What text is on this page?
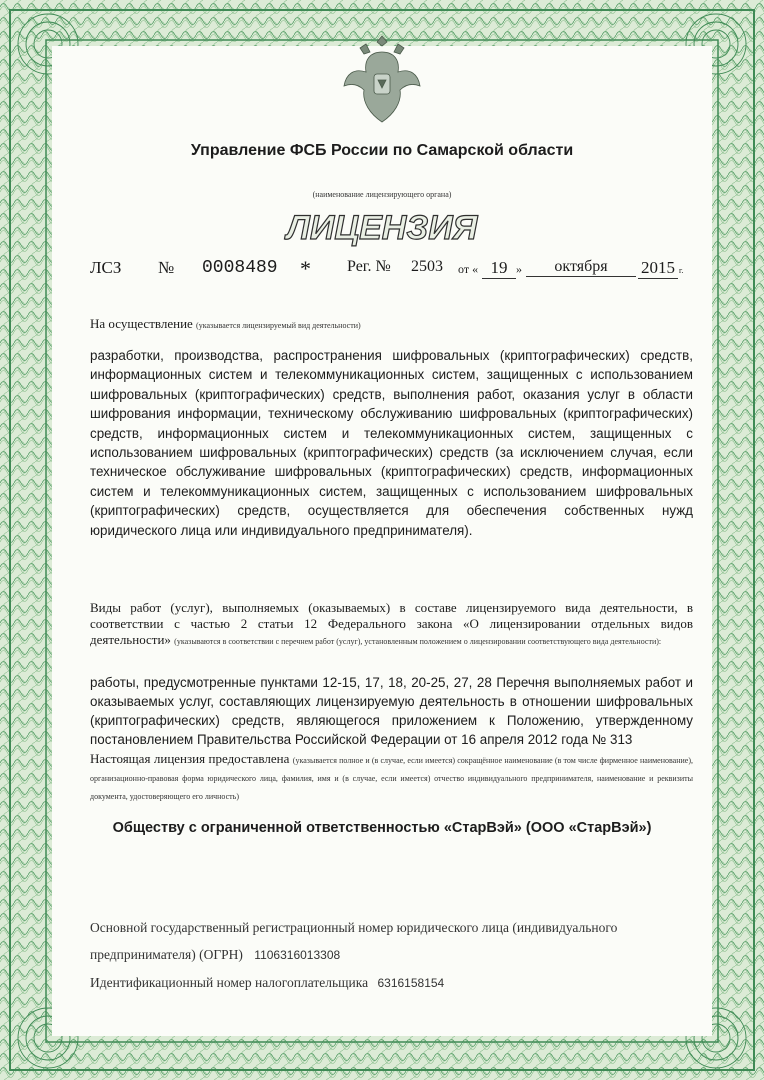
Управление ФСБ России по Самарской области
(наименование лицензирующего органа)
ЛИЦЕНЗИЯ
ЛСЗ № 0008489 * Рег. № 2503 от « 19 »	октября	2015 г.
На осуществление (указывается лицензируемый вид деятельности)
разработки, производства, распространения шифровальных (криптографических) средств, информационных систем и телекоммуникационных систем, защищенных с использованием шифровальных (криптографических) средств, выполнения работ, оказания услуг в области шифрования информации, техническому обслуживанию шифровальных (криптографических) средств, информационных систем и телекоммуникационных систем, защищенных с использованием шифровальных (криптографических) средств (за исключением случая, если техническое обслуживание шифровальных (криптографических) средств, информационных систем и телекоммуникационных систем, защищенных с использованием шифровальных (криптографических) средств, осуществляется для обеспечения собственных нужд юридического лица или индивидуального предпринимателя).
Виды работ (услуг), выполняемых (оказываемых) в составе лицензируемого вида деятельности, в соответствии с частью 2 статьи 12 Федерального закона «О лицензировании отдельных видов деятельности» (указываются в соответствии с перечнем работ (услуг), установленным положением о лицензировании соответствующего вида деятельности):
работы, предусмотренные пунктами 12-15, 17, 18, 20-25, 27, 28 Перечня выполняемых работ и оказываемых услуг, составляющих лицензируемую деятельность в отношении шифровальных (криптографических) средств, являющегося приложением к Положению, утвержденному постановлением Правительства Российской Федерации от 16 апреля 2012 года № 313
Настоящая лицензия предоставлена (указывается полное и (в случае, если имеется) сокращённое наименование (в том числе фирменное наименование), организационно-правовая форма юридического лица, фамилия, имя и (в случае, если имеется) отчество индивидуального предпринимателя, наименование и реквизиты документа, удостоверяющего его личность)
Обществу с ограниченной ответственностью «СтарВэй» (ООО «СтарВэй»)
Основной государственный регистрационный номер юридического лица (индивидуального
предпринимателя) (ОГРН) 1106316013308
Идентификационный номер налогоплательщика 6316158154
